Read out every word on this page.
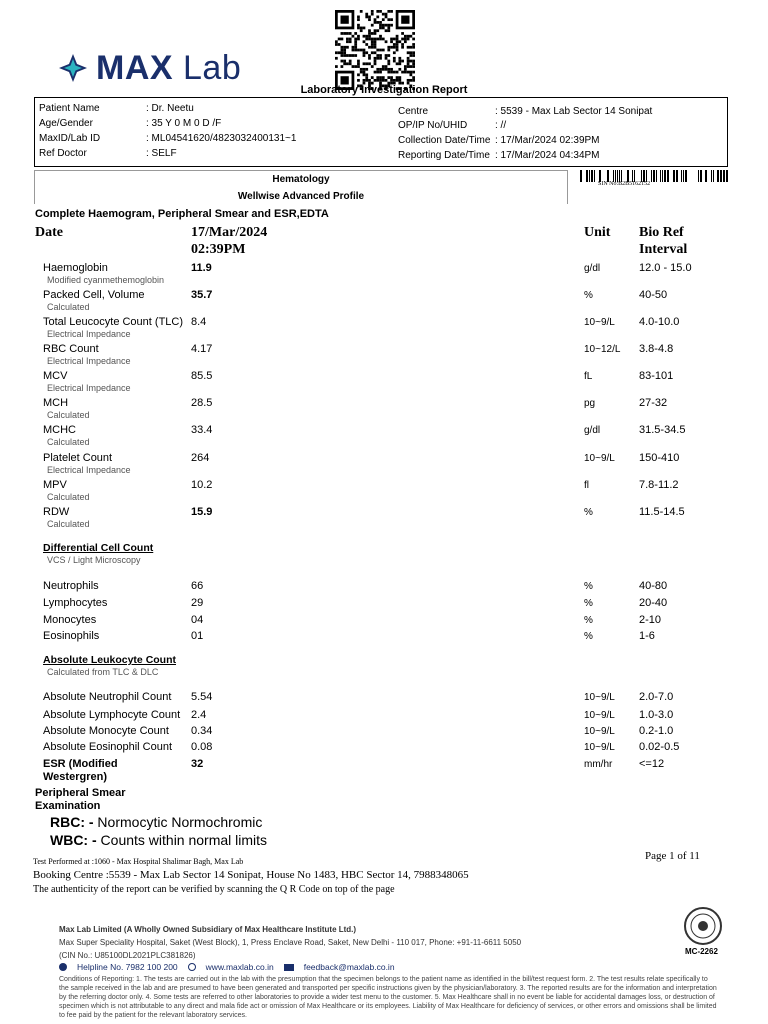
MAX Lab
Laboratory Investigation Report
Patient Name	: Dr. Neetu
Age/Gender	: 35 Y 0 M 0 D /F
MaxID/Lab ID	: ML04541620/4823032400131~1
Ref Doctor	: SELF
Centre	: 5539 - Max Lab Sector 14 Sonipat
OP/IP No/UHID	: //
Collection Date/Time : 17/Mar/2024 02:39PM
Reporting Date/Time : 17/Mar/2024 04:34PM
Hematology
Wellwise Advanced Profile
SIN No:B2B5162152
Complete Haemogram, Peripheral Smear and ESR,EDTA
Date	17/Mar/2024
02:39PM
Unit Bio Ref
Interval
Haemoglobin
Modified cyanmethemoglobin
11.9	g/dl	12.0 - 15.0
Packed Cell, Volume
Calculated
35.7	%	40-50
Total Leucocyte Count (TLC)
Electrical Impedance
8.4	10~9/L 4.0-10.0
RBC Count
Electrical Impedance
4.17	10~12/L 3.8-4.8
MCV
Electrical Impedance
85.5	fL	83-101
MCH
Calculated
28.5	pg	27-32
MCHC
Calculated
33.4	g/dl	31.5-34.5
Platelet Count
Electrical Impedance
264	10~9/L 150-410
MPV
Calculated
10.2	fl	7.8-11.2
RDW
Calculated
15.9	%	11.5-14.5
Differential Cell Count
VCS / Light Microscopy
Neutrophils	66	%	40-80
Lymphocytes	29	%	20-40
Monocytes	04	%	2-10
Eosinophils	01	%	1-6
Absolute Leukocyte Count
Calculated from TLC & DLC
Absolute Neutrophil Count 5.54	10~9/L 2.0-7.0
Absolute Lymphocyte Count 2.4	10~9/L 1.0-3.0
Absolute Monocyte Count 0.34	10~9/L 0.2-1.0
Absolute Eosinophil Count 0.08	10~9/L 0.02-0.5
ESR (Modified
Westergren)
32	mm/hr <=12
Peripheral Smear
Examination
RBC: - Normocytic Normochromic
WBC: - Counts within normal limits
Page 1 of 11
Test Performed at :1060 - Max Hospital Shalimar Bagh, Max Lab
Booking Centre :5539 - Max Lab Sector 14 Sonipat, House No 1483, HBC Sector 14, 7988348065
The authenticity of the report can be verified by scanning the Q R Code on top of the page
Max Lab Limited (A Wholly Owned Subsidiary of Max Healthcare Institute Ltd.)
Max Super Speciality Hospital, Saket (West Block), 1, Press Enclave Road, Saket, New Delhi - 110 017, Phone: +91-11-6611 5050
(CIN No.: U85100DL2021PLC381826)
Helpline No. 7982 100 200	www.maxlab.co.in	feedback@maxlab.co.in
Conditions of Reporting: 1. The tests are carried out in the lab with the presumption that the specimen belongs to the patient name as identified in the bill/test request form. 2. The test results relate specifically to the sample received in the lab and are presumed to have been generated and transported per specific instructions given by the physician/laboratory. 3. The reported results are for the information and interpretation by the referring doctor only. 4. Some tests are referred to other laboratories to provide a wider test menu to the customer. 5. Max Healthcare shall in no event be liable for accidental damages loss, or destruction of specimen which is not attributable to any direct and mala fide act or omission of Max Healthcare or its employees. Liability of Max Healthcare for deficiency of services, or other errors and omissions shall be limited to fee paid by the patient for the relevant laboratory services.
MC-2262
